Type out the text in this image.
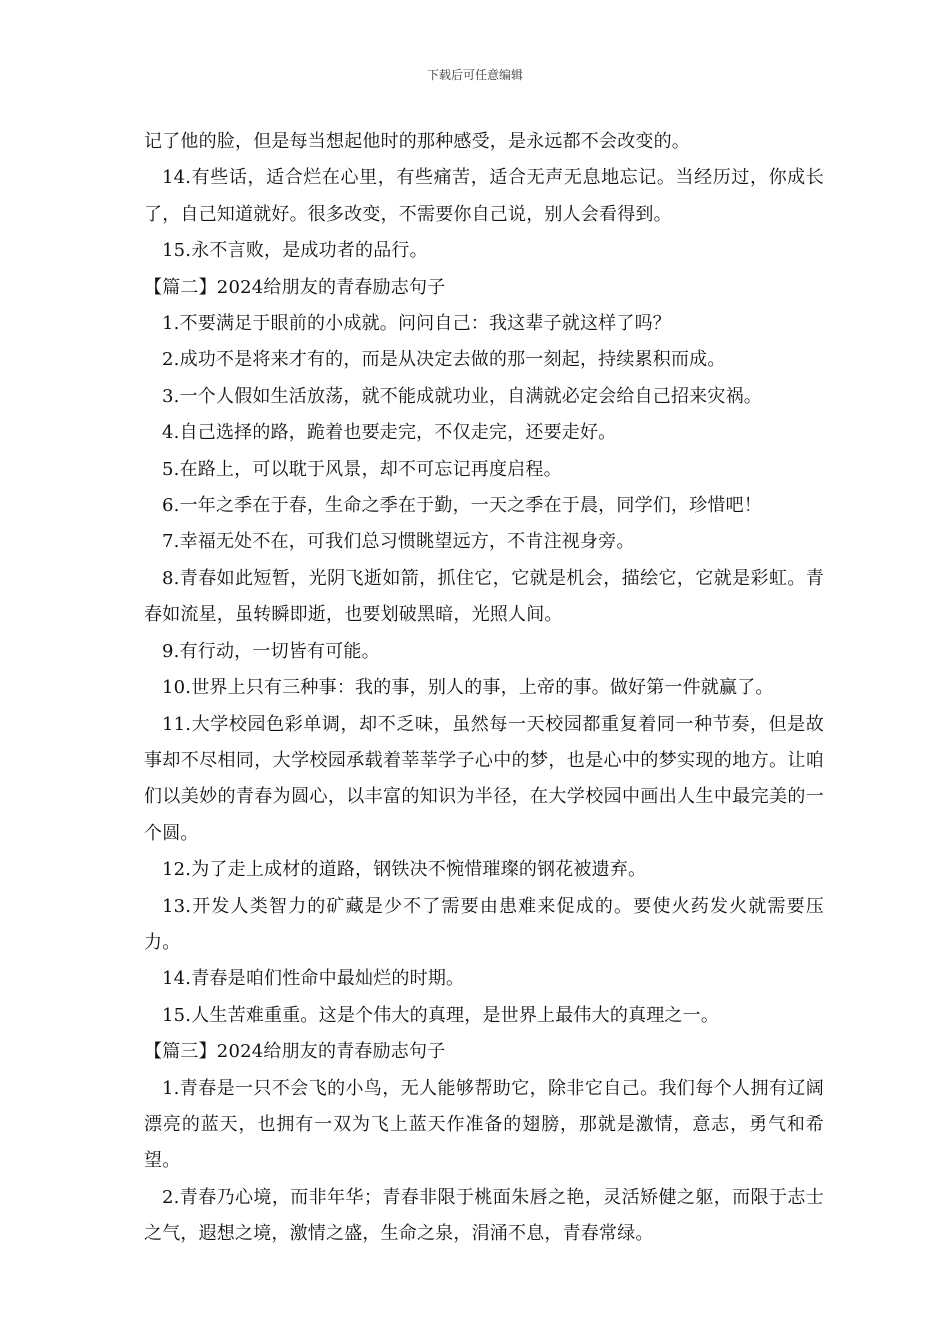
下载后可任意编辑

记了他的脸，但是每当想起他时的那种感受，是永远都不会改变的。

14.有些话，适合烂在心里，有些痛苦，适合无声无息地忘记。当经历过，你成长了，自己知道就好。很多改变，不需要你自己说，别人会看得到。

15.永不言败，是成功者的品行。

【篇二】2024给朋友的青春励志句子

1.不要满足于眼前的小成就。问问自己：我这辈子就这样了吗？

2.成功不是将来才有的，而是从决定去做的那一刻起，持续累积而成。

3.一个人假如生活放荡，就不能成就功业，自满就必定会给自己招来灾祸。

4.自己选择的路，跪着也要走完，不仅走完，还要走好。

5.在路上，可以耽于风景，却不可忘记再度启程。

6.一年之季在于春，生命之季在于勤，一天之季在于晨，同学们，珍惜吧！

7.幸福无处不在，可我们总习惯眺望远方，不肯注视身旁。

8.青春如此短暂，光阴飞逝如箭，抓住它，它就是机会，描绘它，它就是彩虹。青春如流星，虽转瞬即逝，也要划破黑暗，光照人间。

9.有行动，一切皆有可能。

10.世界上只有三种事：我的事，别人的事，上帝的事。做好第一件就赢了。

11.大学校园色彩单调，却不乏味，虽然每一天校园都重复着同一种节奏，但是故事却不尽相同，大学校园承载着莘莘学子心中的梦，也是心中的梦实现的地方。让咱们以美妙的青春为圆心，以丰富的知识为半径，在大学校园中画出人生中最完美的一个圆。

12.为了走上成材的道路，钢铁决不惋惜璀璨的钢花被遗弃。

13.开发人类智力的矿藏是少不了需要由患难来促成的。要使火药发火就需要压力。

14.青春是咱们性命中最灿烂的时期。

15.人生苦难重重。这是个伟大的真理，是世界上最伟大的真理之一。

【篇三】2024给朋友的青春励志句子

1.青春是一只不会飞的小鸟，无人能够帮助它，除非它自己。我们每个人拥有辽阔漂亮的蓝天，也拥有一双为飞上蓝天作准备的翅膀，那就是激情，意志，勇气和希望。

2.青春乃心境，而非年华；青春非限于桃面朱唇之艳，灵活矫健之躯，而限于志士之气，遐想之境，激情之盛，生命之泉，涓涌不息，青春常绿。
